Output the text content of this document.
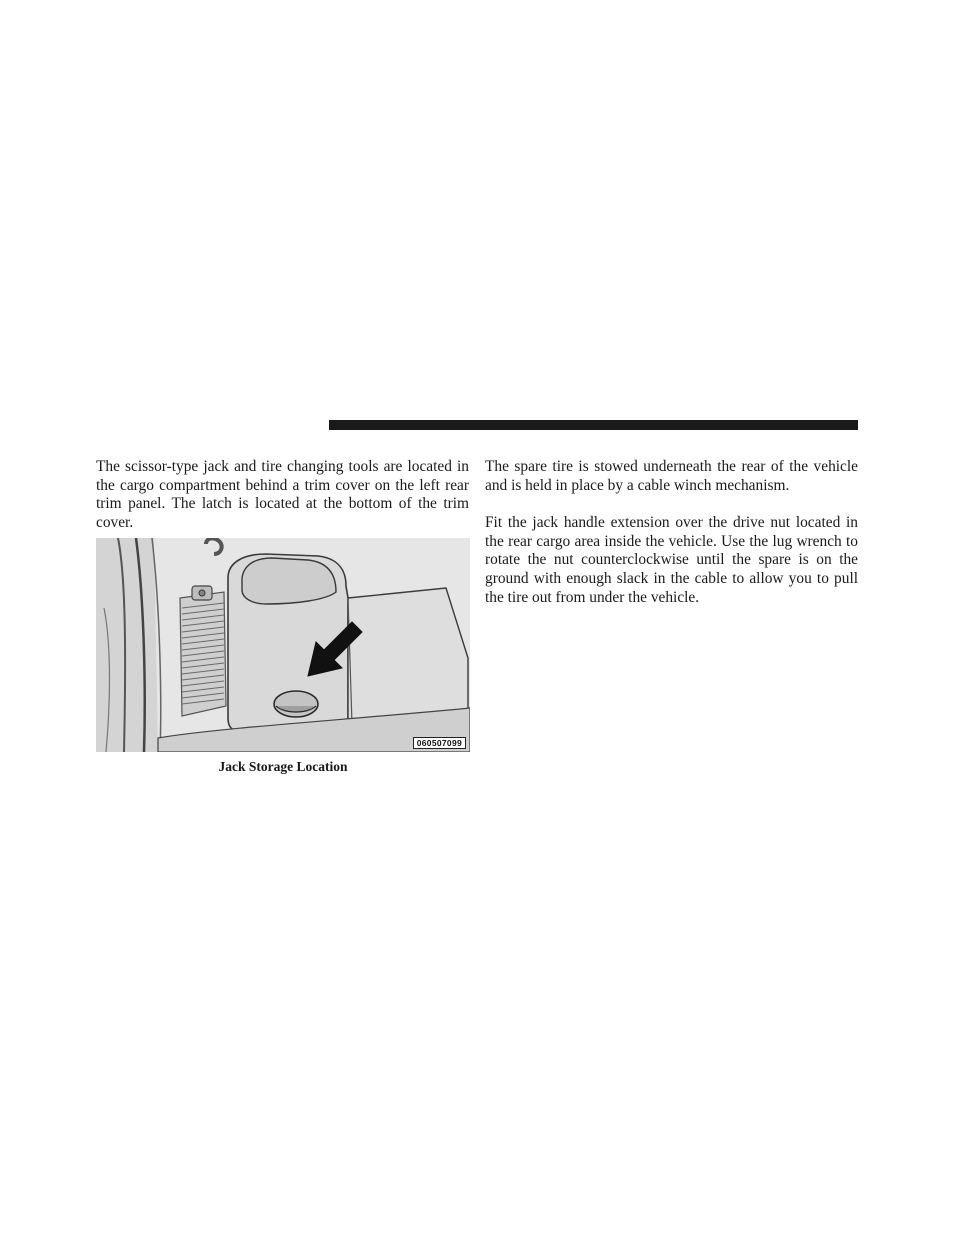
The scissor-type jack and tire changing tools are located in the cargo compartment behind a trim cover on the left rear trim panel. The latch is located at the bottom of the trim cover.

060507099
Jack Storage Location

The spare tire is stowed underneath the rear of the vehicle and is held in place by a cable winch mechanism.

Fit the jack handle extension over the drive nut located in the rear cargo area inside the vehicle. Use the lug wrench to rotate the nut counterclockwise until the spare is on the ground with enough slack in the cable to allow you to pull the tire out from under the vehicle.
